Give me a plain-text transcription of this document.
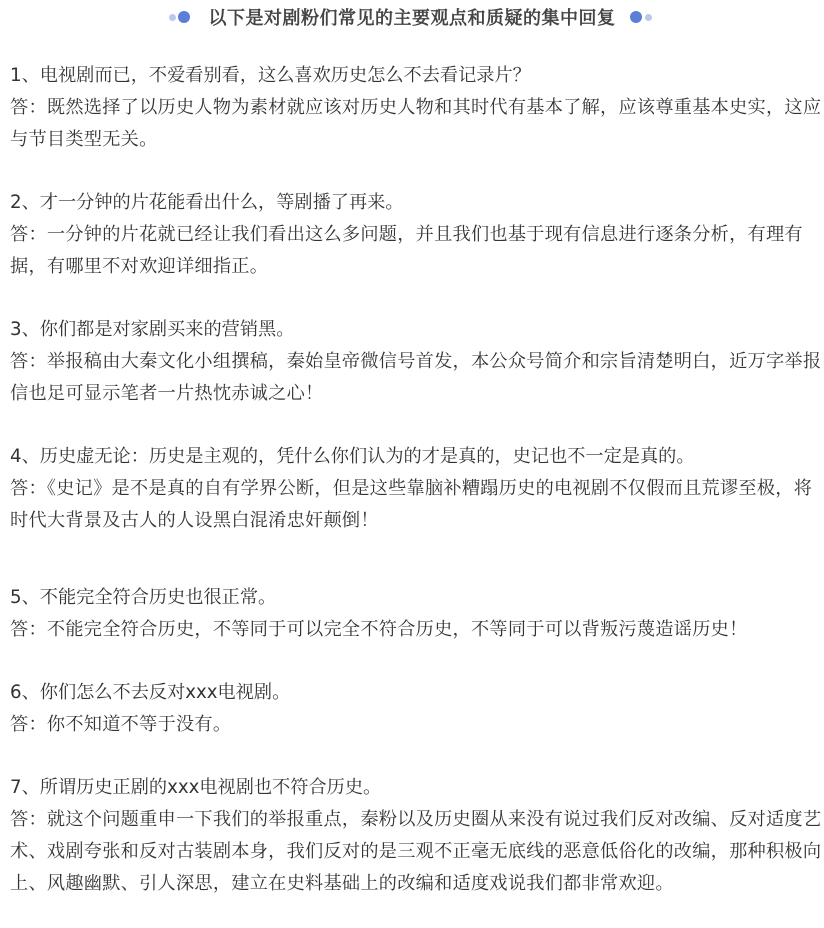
以下是对剧粉们常见的主要观点和质疑的集中回复
1、电视剧而已，不爱看别看，这么喜欢历史怎么不去看记录片？
答：既然选择了以历史人物为素材就应该对历史人物和其时代有基本了解，应该尊重基本史实，这应与节目类型无关。
2、才一分钟的片花能看出什么，等剧播了再来。
答：一分钟的片花就已经让我们看出这么多问题，并且我们也基于现有信息进行逐条分析，有理有据，有哪里不对欢迎详细指正。
3、你们都是对家剧买来的营销黑。
答：举报稿由大秦文化小组撰稿，秦始皇帝微信号首发，本公众号简介和宗旨清楚明白，近万字举报信也足可显示笔者一片热忱赤诚之心！
4、历史虚无论：历史是主观的，凭什么你们认为的才是真的，史记也不一定是真的。
答：《史记》是不是真的自有学界公断，但是这些靠脑补糟蹋历史的电视剧不仅假而且荒谬至极，将时代大背景及古人的人设黑白混淆忠奸颠倒！
5、不能完全符合历史也很正常。
答：不能完全符合历史，不等同于可以完全不符合历史，不等同于可以背叛污蔑造谣历史！
6、你们怎么不去反对xxx电视剧。
答：你不知道不等于没有。
7、所谓历史正剧的xxx电视剧也不符合历史。
答：就这个问题重申一下我们的举报重点，秦粉以及历史圈从来没有说过我们反对改编、反对适度艺术、戏剧夸张和反对古装剧本身，我们反对的是三观不正毫无底线的恶意低俗化的改编，那种积极向上、风趣幽默、引人深思，建立在史料基础上的改编和适度戏说我们都非常欢迎。
